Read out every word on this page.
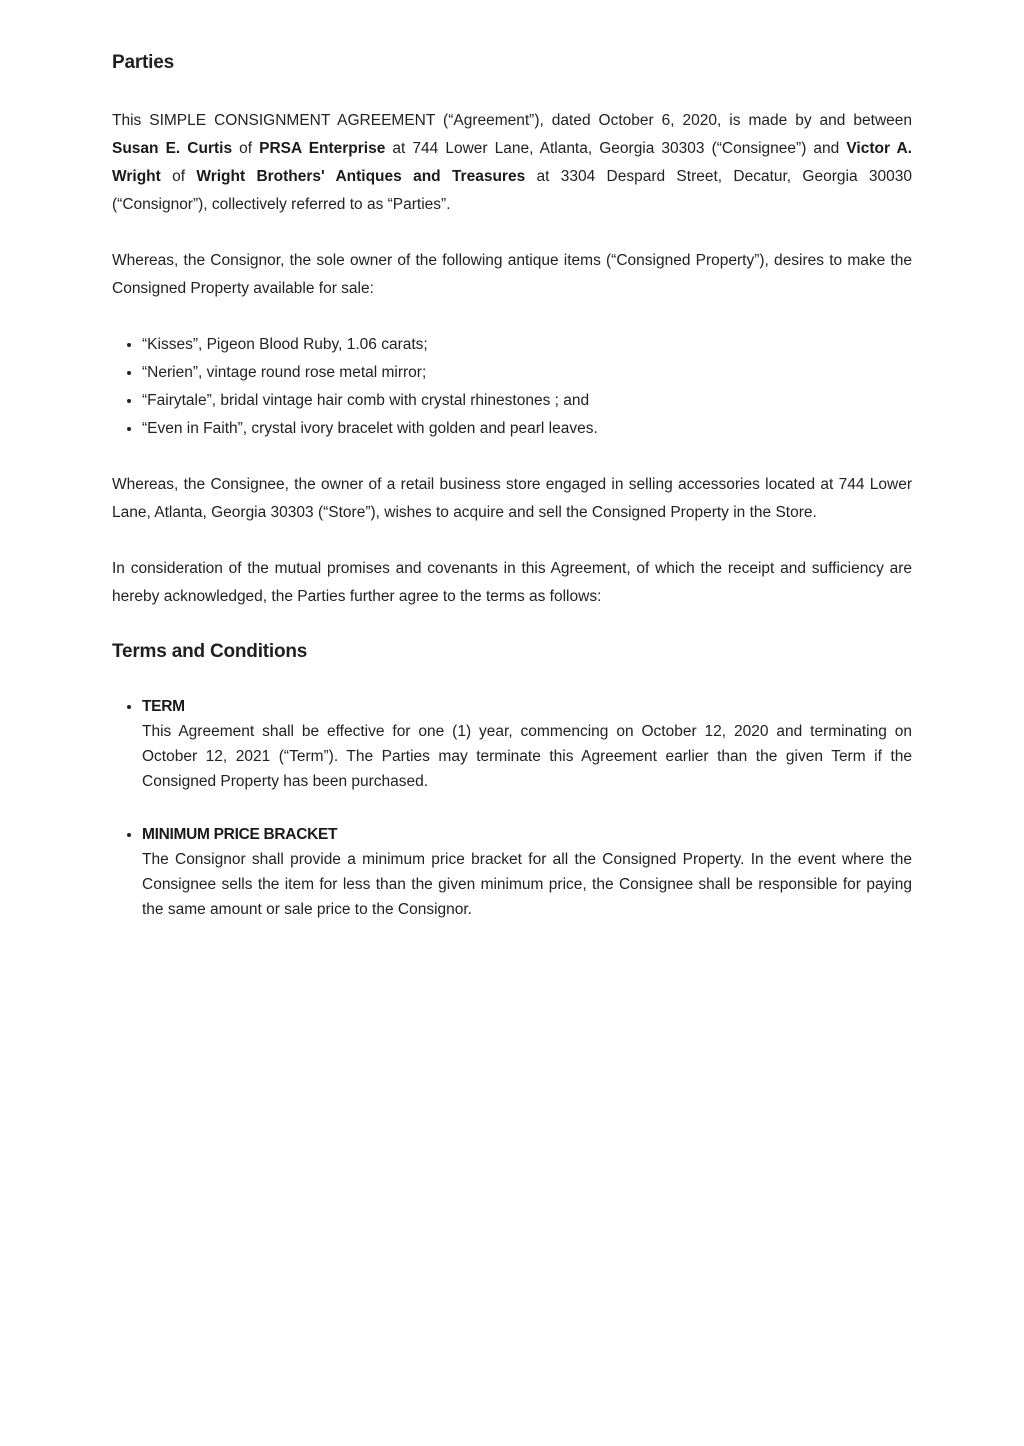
Parties

This SIMPLE CONSIGNMENT AGREEMENT (“Agreement”), dated October 6, 2020, is made by and between Susan E. Curtis of PRSA Enterprise at 744 Lower Lane, Atlanta, Georgia 30303 (“Consignee”) and Victor A. Wright of Wright Brothers' Antiques and Treasures at 3304 Despard Street, Decatur, Georgia 30030 (“Consignor”), collectively referred to as “Parties”.

Whereas, the Consignor, the sole owner of the following antique items (“Consigned Property”), desires to make the Consigned Property available for sale:

• “Kisses”, Pigeon Blood Ruby, 1.06 carats;
• “Nerien”, vintage round rose metal mirror;
• “Fairytale”, bridal vintage hair comb with crystal rhinestones ; and
• “Even in Faith”, crystal ivory bracelet with golden and pearl leaves.

Whereas, the Consignee, the owner of a retail business store engaged in selling accessories located at 744 Lower Lane, Atlanta, Georgia 30303 (“Store”), wishes to acquire and sell the Consigned Property in the Store.

In consideration of the mutual promises and covenants in this Agreement, of which the receipt and sufficiency are hereby acknowledged, the Parties further agree to the terms as follows:

Terms and Conditions
• TERM
This Agreement shall be effective for one (1) year, commencing on October 12, 2020 and terminating on October 12, 2021 (“Term”). The Parties may terminate this Agreement earlier than the given Term if the Consigned Property has been purchased.
• MINIMUM PRICE BRACKET
The Consignor shall provide a minimum price bracket for all the Consigned Property. In the event where the Consignee sells the item for less than the given minimum price, the Consignee shall be responsible for paying the same amount or sale price to the Consignor.
